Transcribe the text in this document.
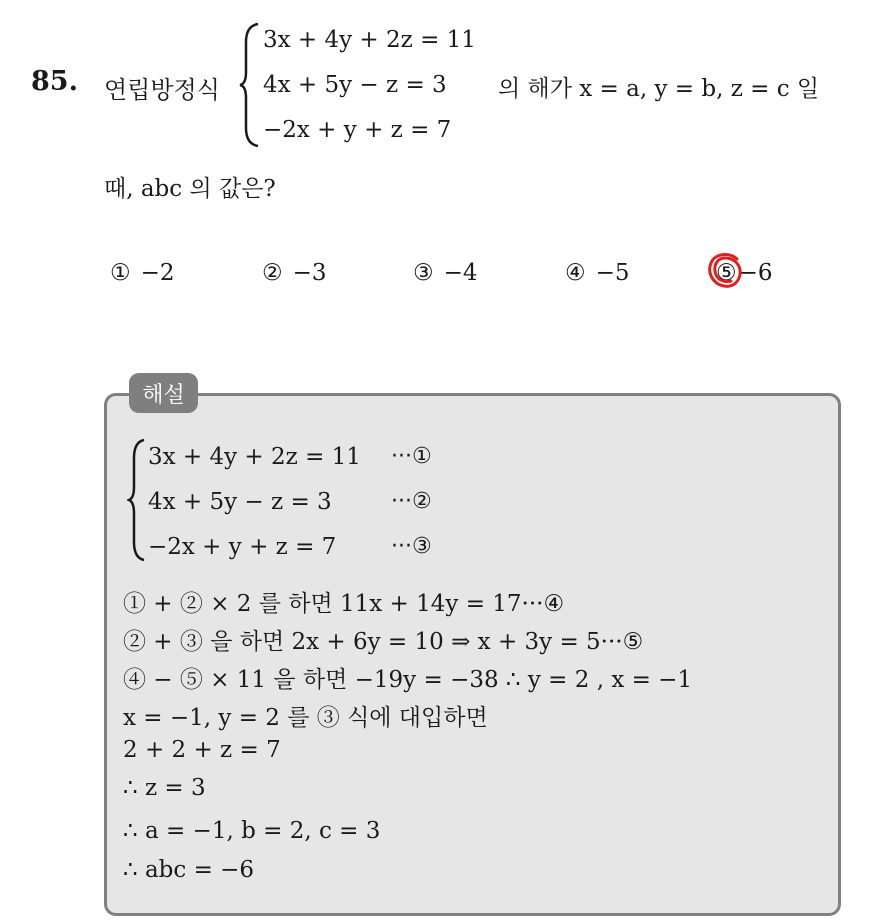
85. 연립방정식
3x + 4y + 2z = 11
4x + 5y − z = 3
−2x + y + z = 7
의 해가 x = a, y = b, z = c 일
때, abc 의 값은?
① −2	② −3	③ −4	④ −5	⑤−6
해설
3x + 4y + 2z = 11 ···①
4x + 5y − z = 3	···②
−2x + y + z = 7 ···③
① + ② × 2 를 하면 11x + 14y = 17···④
② + ③ 을 하면 2x + 6y = 10 ⇒ x + 3y = 5···⑤
④ − ⑤ × 11 을 하면 −19y = −38 ∴ y = 2 , x = −1
x = −1, y = 2 를 ③ 식에 대입하면
2 + 2 + z = 7
∴ z = 3
∴ a = −1, b = 2, c = 3
∴ abc = −6
